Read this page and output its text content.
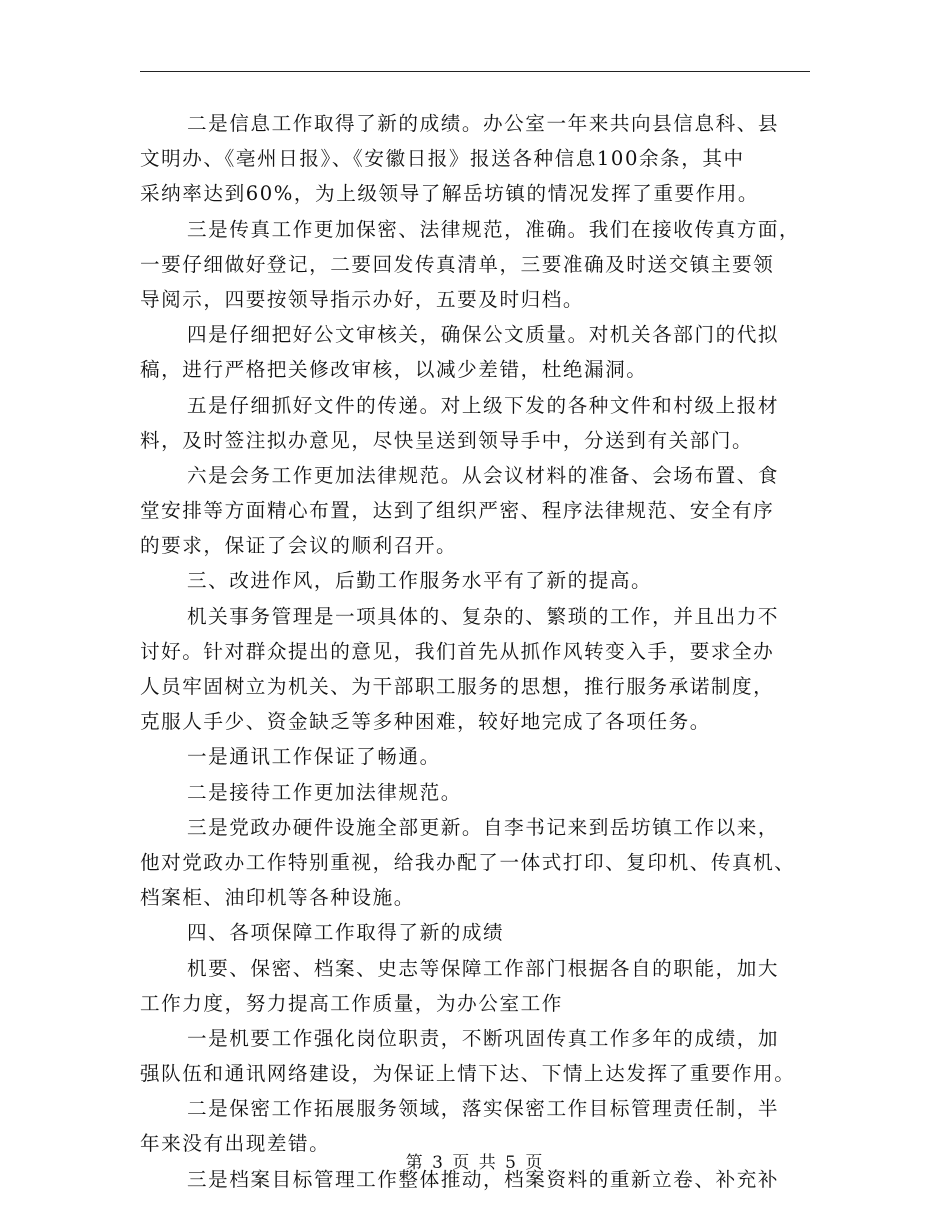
二是信息工作取得了新的成绩。办公室一年来共向县信息科、县
文明办、《亳州日报》、《安徽日报》报送各种信息100余条，其中
采纳率达到60%，为上级领导了解岳坊镇的情况发挥了重要作用。
三是传真工作更加保密、法律规范，准确。我们在接收传真方面，
一要仔细做好登记，二要回发传真清单，三要准确及时送交镇主要领
导阅示，四要按领导指示办好，五要及时归档。
四是仔细把好公文审核关，确保公文质量。对机关各部门的代拟
稿，进行严格把关修改审核，以减少差错，杜绝漏洞。
五是仔细抓好文件的传递。对上级下发的各种文件和村级上报材
料，及时签注拟办意见，尽快呈送到领导手中，分送到有关部门。
六是会务工作更加法律规范。从会议材料的准备、会场布置、食
堂安排等方面精心布置，达到了组织严密、程序法律规范、安全有序
的要求，保证了会议的顺利召开。
三、改进作风，后勤工作服务水平有了新的提高。
机关事务管理是一项具体的、复杂的、繁琐的工作，并且出力不
讨好。针对群众提出的意见，我们首先从抓作风转变入手，要求全办
人员牢固树立为机关、为干部职工服务的思想，推行服务承诺制度，
克服人手少、资金缺乏等多种困难，较好地完成了各项任务。
一是通讯工作保证了畅通。
二是接待工作更加法律规范。
三是党政办硬件设施全部更新。自李书记来到岳坊镇工作以来，
他对党政办工作特别重视，给我办配了一体式打印、复印机、传真机、
档案柜、油印机等各种设施。
四、各项保障工作取得了新的成绩
机要、保密、档案、史志等保障工作部门根据各自的职能，加大
工作力度，努力提高工作质量，为办公室工作
一是机要工作强化岗位职责，不断巩固传真工作多年的成绩，加
强队伍和通讯网络建设，为保证上情下达、下情上达发挥了重要作用。
二是保密工作拓展服务领域，落实保密工作目标管理责任制，半
年来没有出现差错。
三是档案目标管理工作整体推动，档案资料的重新立卷、补充补
第 3 页 共 5 页
